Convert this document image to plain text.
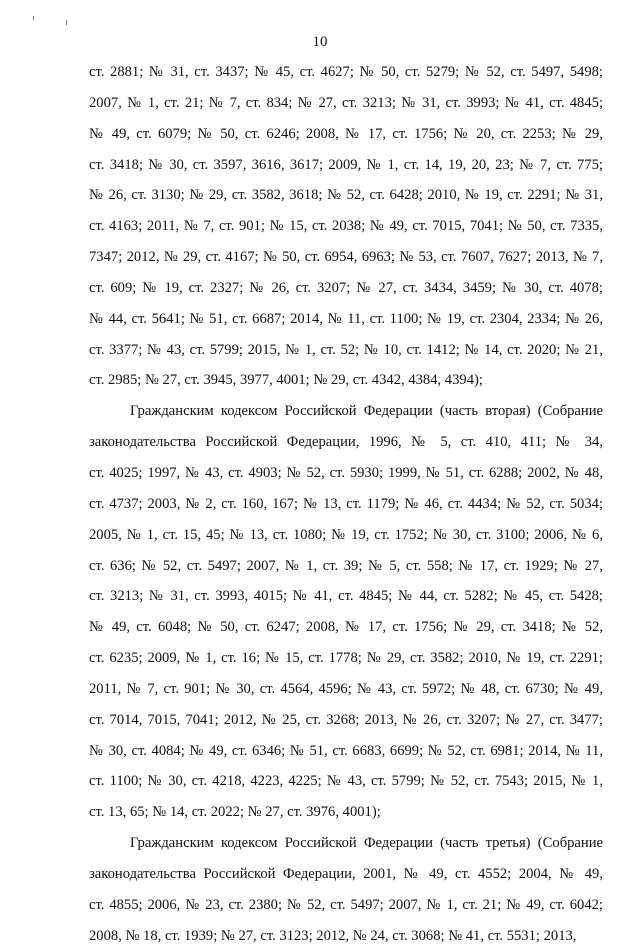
10
ст. 2881; № 31, ст. 3437; № 45, ст. 4627; № 50, ст. 5279; № 52, ст. 5497, 5498;
2007, № 1, ст. 21; № 7, ст. 834; № 27, ст. 3213; № 31, ст. 3993; № 41, ст. 4845;
№ 49, ст. 6079; № 50, ст. 6246; 2008, № 17, ст. 1756; № 20, ст. 2253; № 29,
ст. 3418; № 30, ст. 3597, 3616, 3617; 2009, № 1, ст. 14, 19, 20, 23; № 7, ст. 775;
№ 26, ст. 3130; № 29, ст. 3582, 3618; № 52, ст. 6428; 2010, № 19, ст. 2291; № 31,
ст. 4163; 2011, № 7, ст. 901; № 15, ст. 2038; № 49, ст. 7015, 7041; № 50, ст. 7335,
7347; 2012, № 29, ст. 4167; № 50, ст. 6954, 6963; № 53, ст. 7607, 7627; 2013, № 7,
ст. 609; № 19, ст. 2327; № 26, ст. 3207; № 27, ст. 3434, 3459; № 30, ст. 4078;
№ 44, ст. 5641; № 51, ст. 6687; 2014, № 11, ст. 1100; № 19, ст. 2304, 2334; № 26,
ст. 3377; № 43, ст. 5799; 2015, № 1, ст. 52; № 10, ст. 1412; № 14, ст. 2020; № 21,
ст. 2985; № 27, ст. 3945, 3977, 4001; № 29, ст. 4342, 4384, 4394);
Гражданским кодексом Российской Федерации (часть вторая) (Собрание
законодательства Российской Федерации, 1996, № 5, ст. 410, 411; № 34,
ст. 4025; 1997, № 43, ст. 4903; № 52, ст. 5930; 1999, № 51, ст. 6288; 2002, № 48,
ст. 4737; 2003, № 2, ст. 160, 167; № 13, ст. 1179; № 46, ст. 4434; № 52, ст. 5034;
2005, № 1, ст. 15, 45; № 13, ст. 1080; № 19, ст. 1752; № 30, ст. 3100; 2006, № 6,
ст. 636; № 52, ст. 5497; 2007, № 1, ст. 39; № 5, ст. 558; № 17, ст. 1929; № 27,
ст. 3213; № 31, ст. 3993, 4015; № 41, ст. 4845; № 44, ст. 5282; № 45, ст. 5428;
№ 49, ст. 6048; № 50, ст. 6247; 2008, № 17, ст. 1756; № 29, ст. 3418; № 52,
ст. 6235; 2009, № 1, ст. 16; № 15, ст. 1778; № 29, ст. 3582; 2010, № 19, ст. 2291;
2011, № 7, ст. 901; № 30, ст. 4564, 4596; № 43, ст. 5972; № 48, ст. 6730; № 49,
ст. 7014, 7015, 7041; 2012, № 25, ст. 3268; 2013, № 26, ст. 3207; № 27, ст. 3477;
№ 30, ст. 4084; № 49, ст. 6346; № 51, ст. 6683, 6699; № 52, ст. 6981; 2014, № 11,
ст. 1100; № 30, ст. 4218, 4223, 4225; № 43, ст. 5799; № 52, ст. 7543; 2015, № 1,
ст. 13, 65; № 14, ст. 2022; № 27, ст. 3976, 4001);
Гражданским кодексом Российской Федерации (часть третья) (Собрание
законодательства Российской Федерации, 2001, № 49, ст. 4552; 2004, № 49,
ст. 4855; 2006, № 23, ст. 2380; № 52, ст. 5497; 2007, № 1, ст. 21; № 49, ст. 6042;
2008, № 18, ст. 1939; № 27, ст. 3123; 2012, № 24, ст. 3068; № 41, ст. 5531; 2013,
